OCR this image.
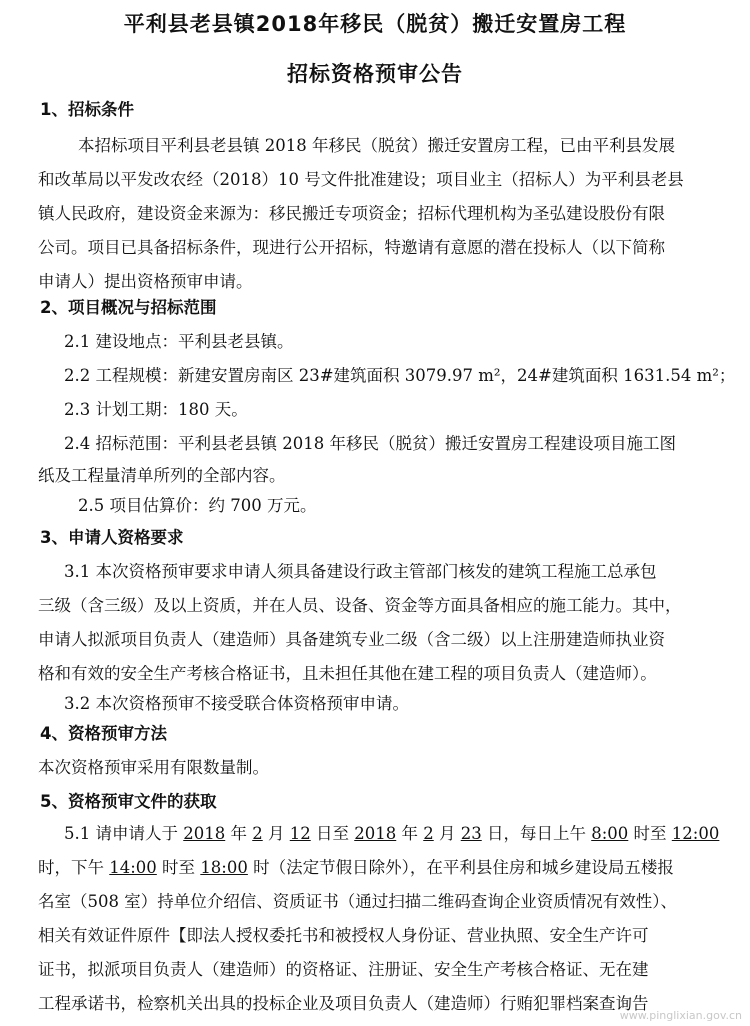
平利县老县镇2018年移民（脱贫）搬迁安置房工程
招标资格预审公告
1、招标条件
本招标项目平利县老县镇 2018 年移民（脱贫）搬迁安置房工程，已由平利县发展
和改革局以平发改农经（2018）10 号文件批准建设；项目业主（招标人）为平利县老县
镇人民政府，建设资金来源为：移民搬迁专项资金；招标代理机构为圣弘建设股份有限
公司。项目已具备招标条件，现进行公开招标，特邀请有意愿的潜在投标人（以下简称
申请人）提出资格预审申请。
2、项目概况与招标范围
2.1 建设地点：平利县老县镇。
2.2 工程规模：新建安置房南区 23#建筑面积 3079.97 m²，24#建筑面积 1631.54 m²；
2.3 计划工期：180 天。
2.4 招标范围：平利县老县镇 2018 年移民（脱贫）搬迁安置房工程建设项目施工图
纸及工程量清单所列的全部内容。
2.5 项目估算价：约 700 万元。
3、申请人资格要求
3.1 本次资格预审要求申请人须具备建设行政主管部门核发的建筑工程施工总承包
三级（含三级）及以上资质，并在人员、设备、资金等方面具备相应的施工能力。其中，
申请人拟派项目负责人（建造师）具备建筑专业二级（含二级）以上注册建造师执业资
格和有效的安全生产考核合格证书，且未担任其他在建工程的项目负责人（建造师）。
3.2 本次资格预审不接受联合体资格预审申请。
4、资格预审方法
本次资格预审采用有限数量制。
5、资格预审文件的获取
5.1 请申请人于 2018 年 2 月 12 日至 2018 年 2 月 23 日，每日上午 8:00 时至 12:00
时，下午 14:00 时至 18:00 时（法定节假日除外），在平利县住房和城乡建设局五楼报
名室（508 室）持单位介绍信、资质证书（通过扫描二维码查询企业资质情况有效性）、
相关有效证件原件【即法人授权委托书和被授权人身份证、营业执照、安全生产许可
证书，拟派项目负责人（建造师）的资格证、注册证、安全生产考核合格证、无在建
工程承诺书，检察机关出具的投标企业及项目负责人（建造师）行贿犯罪档案查询告
www.pinglixian.gov.cn
